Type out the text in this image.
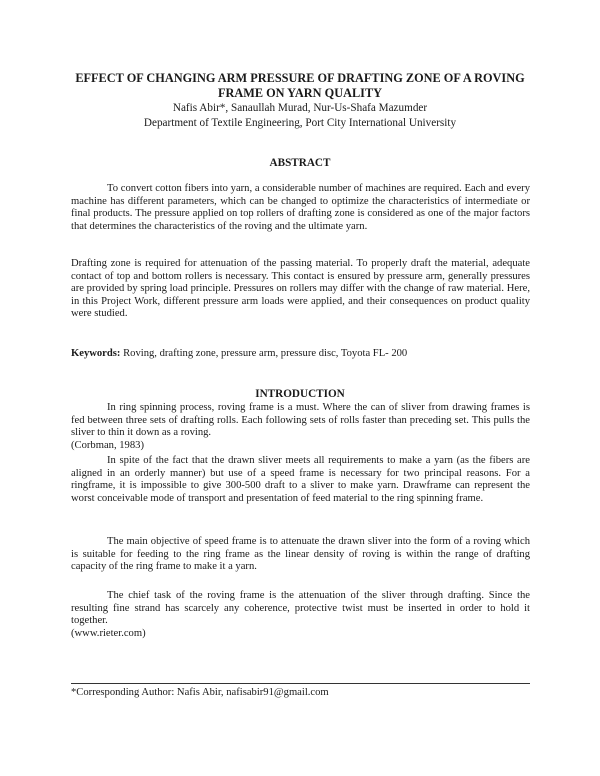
EFFECT OF CHANGING ARM PRESSURE OF DRAFTING ZONE OF A ROVING FRAME ON YARN QUALITY

Nafis Abir*, Sanaullah Murad, Nur-Us-Shafa Mazumder

Department of Textile Engineering, Port City International University

ABSTRACT

To convert cotton fibers into yarn, a considerable number of machines are required. Each and every machine has different parameters, which can be changed to optimize the characteristics of intermediate or final products. The pressure applied on top rollers of drafting zone is considered as one of the major factors that determines the characteristics of the roving and the ultimate yarn.

Drafting zone is required for attenuation of the passing material. To properly draft the material, adequate contact of top and bottom rollers is necessary. This contact is ensured by pressure arm, generally pressures are provided by spring load principle. Pressures on rollers may differ with the change of raw material. Here, in this Project Work, different pressure arm loads were applied, and their consequences on product quality were studied.

Keywords: Roving, drafting zone, pressure arm, pressure disc, Toyota FL- 200

INTRODUCTION

In ring spinning process, roving frame is a must. Where the can of sliver from drawing frames is fed between three sets of drafting rolls. Each following sets of rolls faster than preceding set. This pulls the sliver to thin it down as a roving.

(Corbman, 1983)

In spite of the fact that the drawn sliver meets all requirements to make a yarn (as the fibers are aligned in an orderly manner) but use of a speed frame is necessary for two principal reasons. For a ringframe, it is impossible to give 300-500 draft to a sliver to make yarn. Drawframe can represent the worst conceivable mode of transport and presentation of feed material to the ring spinning frame.

The main objective of speed frame is to attenuate the drawn sliver into the form of a roving which is suitable for feeding to the ring frame as the linear density of roving is within the range of drafting capacity of the ring frame to make it a yarn.

The chief task of the roving frame is the attenuation of the sliver through drafting. Since the resulting fine strand has scarcely any coherence, protective twist must be inserted in order to hold it together.

(www.rieter.com)

*Corresponding Author: Nafis Abir, nafisabir91@gmail.com
